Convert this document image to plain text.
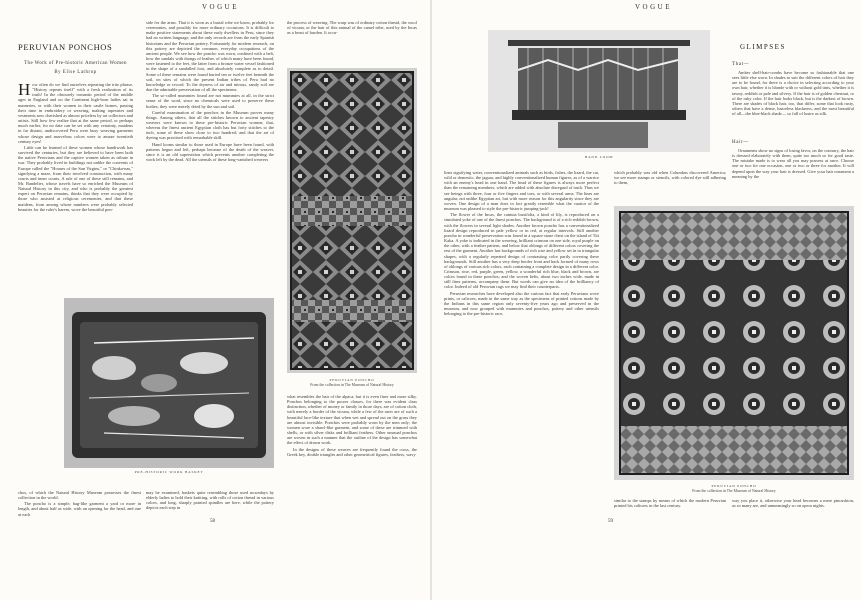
VOGUE
PERUVIAN PONCHOS
The Work of Pre-historic American Women
By Elise Lathrop

How often do we find ourselves repeating the trite phrase, "History repeats itself" with a fresh realization of its truth! In the obscurely romantic period of the middle ages in England and on the Continent high-born ladies sat in nunneries, or with their women in their castle homes, passing their time in embroidery or weaving, making tapestries and vestments now cherished as almost priceless by art collectors and artists. Still how few realize that at the same period, or perhaps much earlier, for no date can be set with any certainty, maidens in far distant, undiscovered Peru were busy weaving garments whose design and marvelous colors were to amaze twentieth century eyes!

Little can be learned of these women whose handiwork has survived the centuries, but they are believed to have been both the native Peruvians and the captive women taken as tribute in war. They probably lived in buildings not unlike the convents of Europe called the "Houses of the Sun Virgins," or "Chinka-nas," signifying a maze, from their involved construction, with many courts and inner courts. A rule of one of these still remains, and Mr. Bandelier, whose travels have so enriched the Museum of Natural History in this city, and who is probably the greatest expert on Peruvian remains, thinks that they were occupied by those who assisted at religious ceremonies, and that these maidens, from among whose numbers were probably selected beauties for the ruler's harem, wove the beautiful pon-

side for the arms. That it is worn as a burial robe we know, probably for ceremonies, and possibly for more ordinary occasions. It is difficult to make positive statements about these early dwellers in Peru, since they had no written language, and the only records are from the early Spanish historians and the Peruvian pottery. Fortunately for modern research, on this pottery are depicted the common, everyday occupations of the ancient people. We see how the poncho was worn, confined with a belt, how the sandals with thongs of leather, of which many have been found, were fastened to the feet, the latter from a bronze water vessel fashioned in the shape of a sandalled foot, and absolutely complete as to detail. Some of these remains were found buried ten or twelve feet beneath the soil, on sites of which the present Indian tribes of Peru had no knowledge or record. To the dryness of air and nitrous, sandy soil are due the admirable preservation of all the specimens.

The so-called mummies found are not mummies at all, in the strict sense of the word, since no chemicals were used to preserve these bodies; they were merely dried by the sun and soil.

Careful examination of the ponchos in the Museum proves many things. Among others, that all the stitches known to ancient tapestry weavers were known to these pre-historic Peruvian women; that, whereas the finest ancient Egyptian cloth has but forty stitches to the inch, some of these show close to two hundred; and that the art of dyeing was practised with remarkable skill.

Hand looms similar to those used in Europe have been found, with patterns begun and left, perhaps because of the death of the weaver, since it is an old superstition which prevents another completing the work left by the dead. All the utensils of these long-vanished weavers

the process of weaving. The warp was of ordinary cotton thread, the woof of vicuna, or the hair of this animal of the camel tribe, used by the Incas as a beast of burden. It occu-

PERUVIAN PONCHO
From the collection in The Museum of Natural History
PRE-HISTORIC WORK BASKET

chos, of which the Natural History Museum possesses the finest collection in the world.

The poncho is a simple, bag-like garment a yard or more in length, and about half as wide, with an opening for the head, and one at each

may be examined; baskets quite resembling those used nowadays by elderly ladies to hold their knitting, with rolls of cotton thread in various colors, and long, sharply pointed spindles are here, while the pottery depicts each step in

what resembles the hair of the alpaca, but it is even finer and more silky. Ponchos belonging to the poorer classes, for there was evident class distinction, whether of money or family in those days, are of cotton cloth, with merely a border of the vicuna, while a few of the rarer are of such a beautiful lace-like texture that when wet and spread out on the grass they are almost invisible. Ponchos were probably worn by the men only; the women wore a shawl-like garment, and some of these are trimmed with shells, or with silver disks and brilliant feathers. Other unusual ponchos are woven in such a manner that the outline of the design has somewhat the effect of drawn work.

In the designs of these weaves are frequently found the cross, the Greek key, double triangles and other geometrical figures, feathers, wavy

58
VOGUE
HAND LOOM

lines signifying water, conventionalized animals such as birds, fishes, the lizard, the cat, wild or domestic, the jaguar, and highly conventionalized human figures, as of a warrior with an enemy's head in one hand. The head of these figures is always more perfect than the remaining members, which are added with absolute disregard of truth. Thus we see beings with three, four or five fingers and toes, or with several arms. The lines are angular, not unlike Egyptian art, but with more reason for this angularity since they are woven. One design of a man does in fact greatly resemble what the curator of the museum was pleased to style the pre-historic jumping-jack!

The flower of the Incas, the cantuta buxifolia, a kind of lily, is reproduced on a simulated yoke of one of the finest ponchos. The background is of a rich reddish brown, with the flowers in several light shades. Another brown poncho has a conventionalized lizard design reproduced in pale yellow or in red, at regular intervals. Still another poncho in wonderful preservation was found in a square stone chest on the island of Titi Kaka. A yoke is indicated in the weaving, brilliant crimson on one side, royal purple on the other, with a feather pattern, and below that oblongs of different colors covering the rest of the garment. Another has backgrounds of rich rose and yellow set in in triangular shapes, with a regularly repeated design of contrasting color partly covering these backgrounds. Still another has a very deep border front and back formed of many rows of oblongs of various rich colors, each containing a complete design in a different color. Crimson, rose, red, purple, green, yellow, a wonderful rich blue, black and brown, are colors found in these ponchos; and the woven belts, about two inches wide, made in still finer patterns, accompany them. But words can give no idea of the brilliancy of color. Indeed of old Peruvian rugs we may find their counterparts.

Peruvian researches have developed also the curious fact that early Peruvians wove prints, or calicoes, made in the same way as the specimens of printed cottons made by the Indians in this same region only seventy-five years ago and preserved in the museum, and now grouped with mummies and ponchos, pottery and other utensils belonging to the pre-historic race,

which probably was old when Columbus discovered America; we see more stamps or stencils, with colored dye still adhering to them,

PERUVIAN PONCHO
From the collection in The Museum of Natural History

similar to the stamps by means of which the modern Peruvian printed his calicoes in the last century.

GLIMPSES
That—

Amber shell-hair-combs have become so fashionable that one sees little else worn. In shades to suit the different colors of hair they are to be found, for there is a choice in selecting according to your own hair, whether it is blonde with or without gold tints, whether it is tawny, reddish or pale and silvery. If the hair is of golden chestnut, or of the ruby color. If the hair looks black, but is the darkest of brown. There are shades of black hair, too, that differ, some that look rusty, others that have a dense, lustreless blackness, and the most beautiful of all—the blue-black shade— so full of lustre as silk.

Hair—

Ornaments show no signs of losing favor, on the contrary, the hair is dressed elaborately with them, quite too much so for good taste. The mistake made is to wear all you may possess at once. Choose one or two for one occasion, one or two or three for another. It will depend upon the way your hair is dressed. Give your hair ornament a meaning by the

way you place it, otherwise your head becomes a mere pincushion, as so many are, and unmeaningly so on opera nights.

59
